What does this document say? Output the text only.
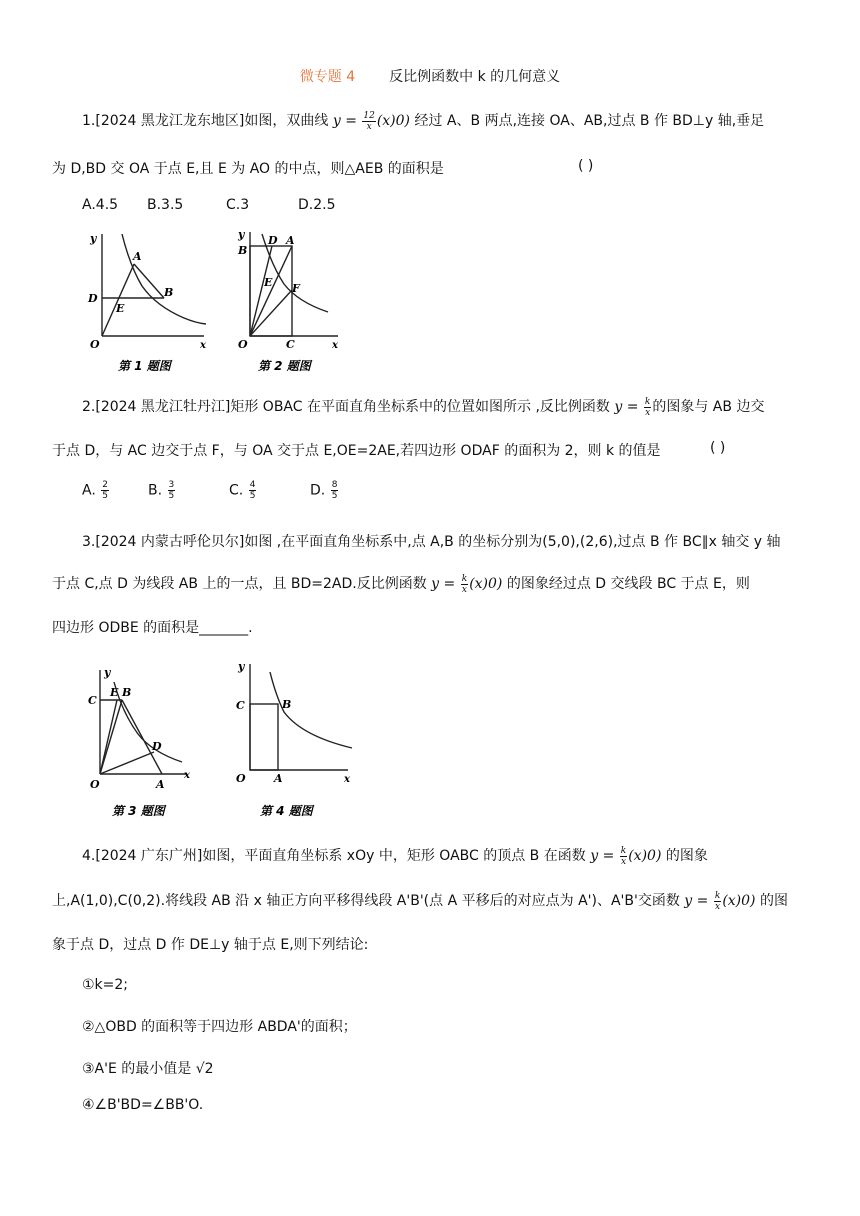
微专题 4 反比例函数中 k 的几何意义
1.[2024 黑龙江龙东地区]如图，双曲线 $y = \frac{12}{x} (x)0$) 经过 A、B 两点,连接 OA、AB,过点 B 作 BD⊥y 轴,垂足
为 D,BD 交 OA 于点 E,且 E 为 AO 的中点，则△AEB 的面积是	( )
A.4.5 B.3.5	C.3	D.2.5
y
A
D
E
B
O	x
第 1 题图
y D A
B
E F
O	C	x
第 2 题图
2.[2024 黑龙江牡丹江]矩形 OBAC 在平面直角坐标系中的位置如图所示 ,反比例函数 $y = \frac{k}{x}$ 的图象与 AB 边交
于点 D，与 AC 边交于点 F，与 OA 交于点 E,OE=2AE,若四边形 ODAF 的面积为 2，则 k 的值是	( )
A. $\frac{2}{5}$	B. $\frac{3}{5}$	C. $\frac{4}{5}$	D. $\frac{8}{5}$
3.[2024 内蒙古呼伦贝尔]如图 ,在平面直角坐标系中,点 A,B 的坐标分别为(5,0),(2,6),过点 B 作 BC∥x 轴交 y 轴
于点 C,点 D 为线段 AB 上的一点，且 BD=2AD.反比例函数 $y = \frac{k}{x} (x)0$) 的图象经过点 D 交线段 BC 于点 E，则
四边形 ODBE 的面积是_______.
y
C
E B
D
O	A
x
第 3 题图
y
C	B
O	A	x
第 4 题图
4.[2024 广东广州]如图，平面直角坐标系 xOy 中，矩形 OABC 的顶点 B 在函数 $y = \frac{k}{x} (x)0$) 的图象
上,A(1,0),C(0,2).将线段 AB 沿 x 轴正方向平移得线段 A'B'(点 A 平移后的对应点为 A')、A'B'交函数 $y = \frac{k}{x} (x)0$) 的图
象于点 D，过点 D 作 DE⊥y 轴于点 E,则下列结论:
①k=2;
②△OBD 的面积等于四边形 ABDA'的面积；
③A'E 的最小值是 √2
④∠B'BD=∠BB'O.
